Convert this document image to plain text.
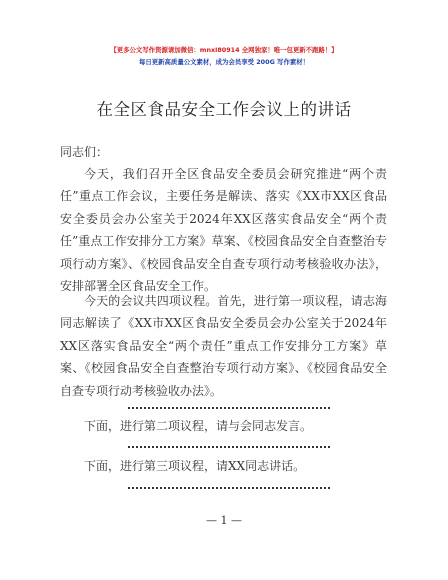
【更多公文写作资源请加微信：mnxl80914 全网独家！唯一包更新不跑路！】
每日更新高质量公文素材，成为会员享受 200G 写作素材！
在全区食品安全工作会议上的讲话
同志们：
今天，我们召开全区食品安全委员会研究推进“两个责任”重点工作会议，主要任务是解读、落实《XX市XX区食品安全委员会办公室关于2024年XX区落实食品安全“两个责任”重点工作安排分工方案》草案、《校园食品安全自查整治专项行动方案》、《校园食品安全自查专项行动考核验收办法》，安排部署全区食品安全工作。
今天的会议共四项议程。首先，进行第一项议程，请志海同志解读了《XX市XX区食品安全委员会办公室关于2024年XX区落实食品安全“两个责任”重点工作安排分工方案》草案、《校园食品安全自查整治专项行动方案》、《校园食品安全自查专项行动考核验收办法》。
下面，进行第二项议程，请与会同志发言。
下面，进行第三项议程，请XX同志讲话。
— 1 —
